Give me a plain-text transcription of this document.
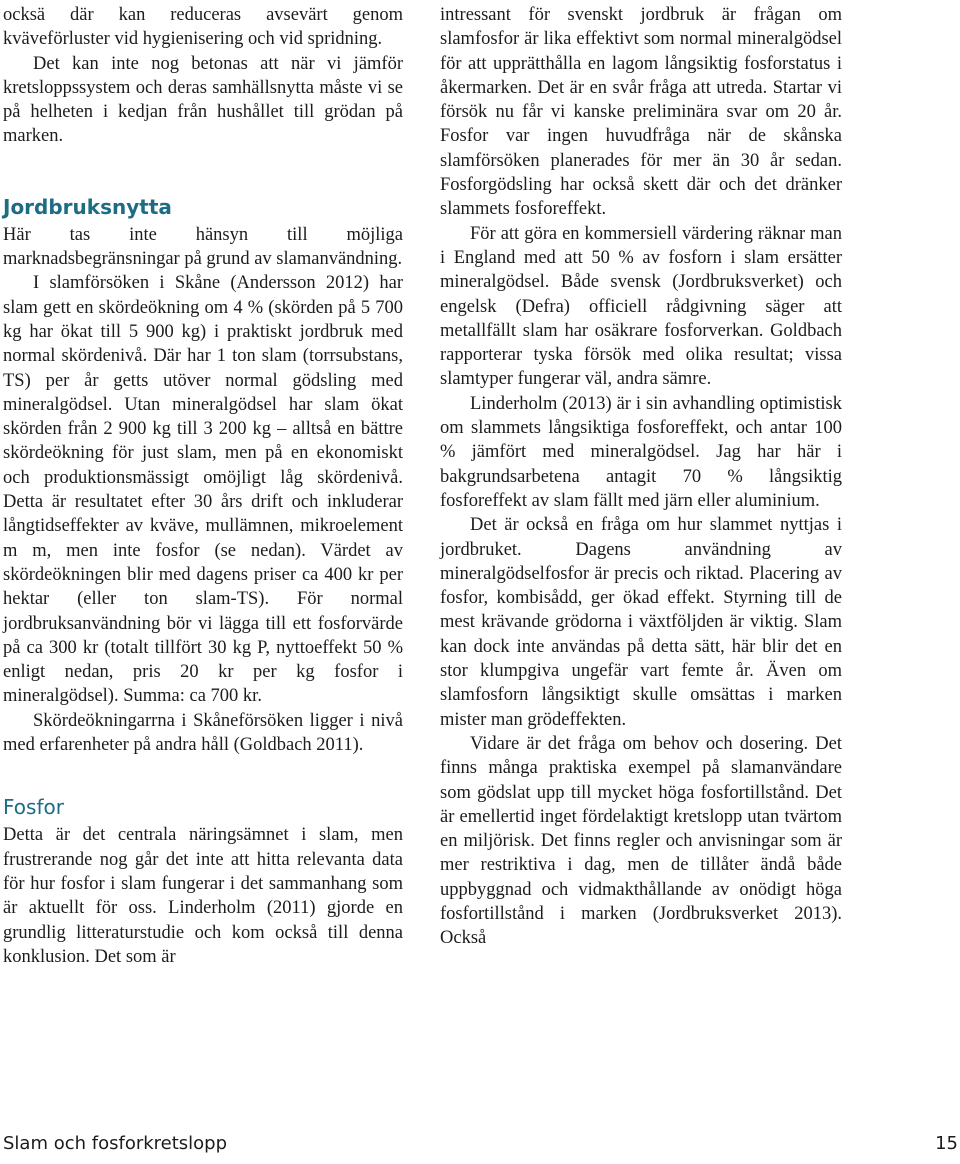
ocksä där kan reduceras avsevärt genom kväveförluster vid hygienisering och vid spridning.

Det kan inte nog betonas att när vi jämför kretsloppssystem och deras samhällsnytta måste vi se på helheten i kedjan från hushållet till grödan på marken.

Jordbruksnytta

Här tas inte hänsyn till möjliga marknadsbegränsningar på grund av slamanvändning.

I slamförsöken i Skåne (Andersson 2012) har slam gett en skördeökning om 4 % (skörden på 5 700 kg har ökat till 5 900 kg) i praktiskt jordbruk med normal skördenivå. Där har 1 ton slam (torrsubstans, TS) per år getts utöver normal gödsling med mineralgödsel. Utan mineralgödsel har slam ökat skörden från 2 900 kg till 3 200 kg – alltså en bättre skördeökning för just slam, men på en ekonomiskt och produktionsmässigt omöjligt låg skördenivå. Detta är resultatet efter 30 års drift och inkluderar långtidseffekter av kväve, mullämnen, mikroelement m m, men inte fosfor (se nedan). Värdet av skördeökningen blir med dagens priser ca 400 kr per hektar (eller ton slam-TS). För normal jordbruksanvändning bör vi lägga till ett fosforvärde på ca 300 kr (totalt tillfört 30 kg P, nyttoeffekt 50 % enligt nedan, pris 20 kr per kg fosfor i mineralgödsel). Summa: ca 700 kr.

Skördeökningarrna i Skåneförsöken ligger i nivå med erfarenheter på andra håll (Goldbach 2011).

Fosfor

Detta är det centrala näringsämnet i slam, men frustrerande nog går det inte att hitta relevanta data för hur fosfor i slam fungerar i det sammanhang som är aktuellt för oss. Linderholm (2011) gjorde en grundlig litteraturstudie och kom också till denna konklusion. Det som är

intressant för svenskt jordbruk är frågan om slamfosfor är lika effektivt som normal mineralgödsel för att upprätthålla en lagom långsiktig fosforstatus i åkermarken. Det är en svår fråga att utreda. Startar vi försök nu får vi kanske preliminära svar om 20 år. Fosfor var ingen huvudfråga när de skånska slamförsöken planerades för mer än 30 år sedan. Fosforgödsling har också skett där och det dränker slammets fosforeffekt.

För att göra en kommersiell värdering räknar man i England med att 50 % av fosforn i slam ersätter mineralgödsel. Både svensk (Jordbruksverket) och engelsk (Defra) officiell rådgivning säger att metallfällt slam har osäkrare fosforverkan. Goldbach rapporterar tyska försök med olika resultat; vissa slamtyper fungerar väl, andra sämre.

Linderholm (2013) är i sin avhandling optimistisk om slammets långsiktiga fosforeffekt, och antar 100 % jämfört med mineralgödsel. Jag har här i bakgrundsarbetena antagit 70 % långsiktig fosforeffekt av slam fällt med järn eller aluminium.

Det är också en fråga om hur slammet nyttjas i jordbruket. Dagens användning av mineralgödselfosfor är precis och riktad. Placering av fosfor, kombisådd, ger ökad effekt. Styrning till de mest krävande grödorna i växtföljden är viktig. Slam kan dock inte användas på detta sätt, här blir det en stor klumpgiva ungefär vart femte år. Även om slamfosforn långsiktigt skulle omsättas i marken mister man grödeffekten.

Vidare är det fråga om behov och dosering. Det finns många praktiska exempel på slamanvändare som gödslat upp till mycket höga fosfortillstånd. Det är emellertid inget fördelaktigt kretslopp utan tvärtom en miljörisk. Det finns regler och anvisningar som är mer restriktiva i dag, men de tillåter ändå både uppbyggnad och vidmakthållande av onödigt höga fosfortillstånd i marken (Jordbruksverket 2013). Också

Slam och fosforkretslopp	15
